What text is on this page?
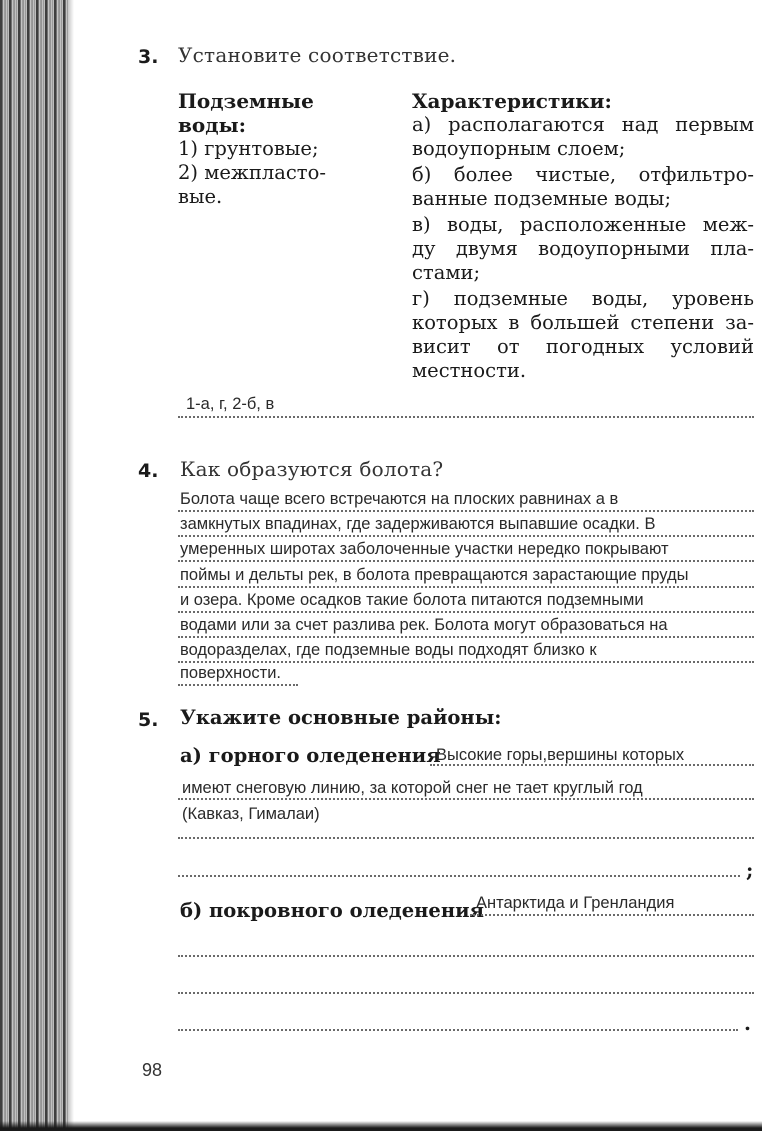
3. Установите соответствие.
Подземные воды:
1) грунтовые;
2) межпласто-
вые.
Характеристики:
а) располагаются над первым
водоупорным слоем;
б) более чистые, отфильтро-
ванные подземные воды;
в) воды, расположенные меж-
ду двумя водоупорными пла-
стами;
г) подземные воды, уровень
которых в большей степени за-
висит от погодных условий
местности.
1-а, г, 2-б, в
4. Как образуются болота?
Болота чаще всего встречаются на плоских равнинах а в
замкнутых впадинах, где задерживаются выпавшие осадки. В
умеренных широтах заболоченные участки нередко покрывают
поймы и дельты рек, в болота превращаются зарастающие пруды
и озера. Кроме осадков такие болота питаются подземными
водами или за счет разлива рек. Болота могут образоваться на
водоразделах, где подземные воды подходят близко к
поверхности.
5. Укажите основные районы:
а) горного оледенения
Высокие горы,вершины которых
имеют снеговую линию, за которой снег не тает круглый год
(Кавказ, Гималаи)
;
б) покровного оледенения
Антарктида и Гренландия
.
98
